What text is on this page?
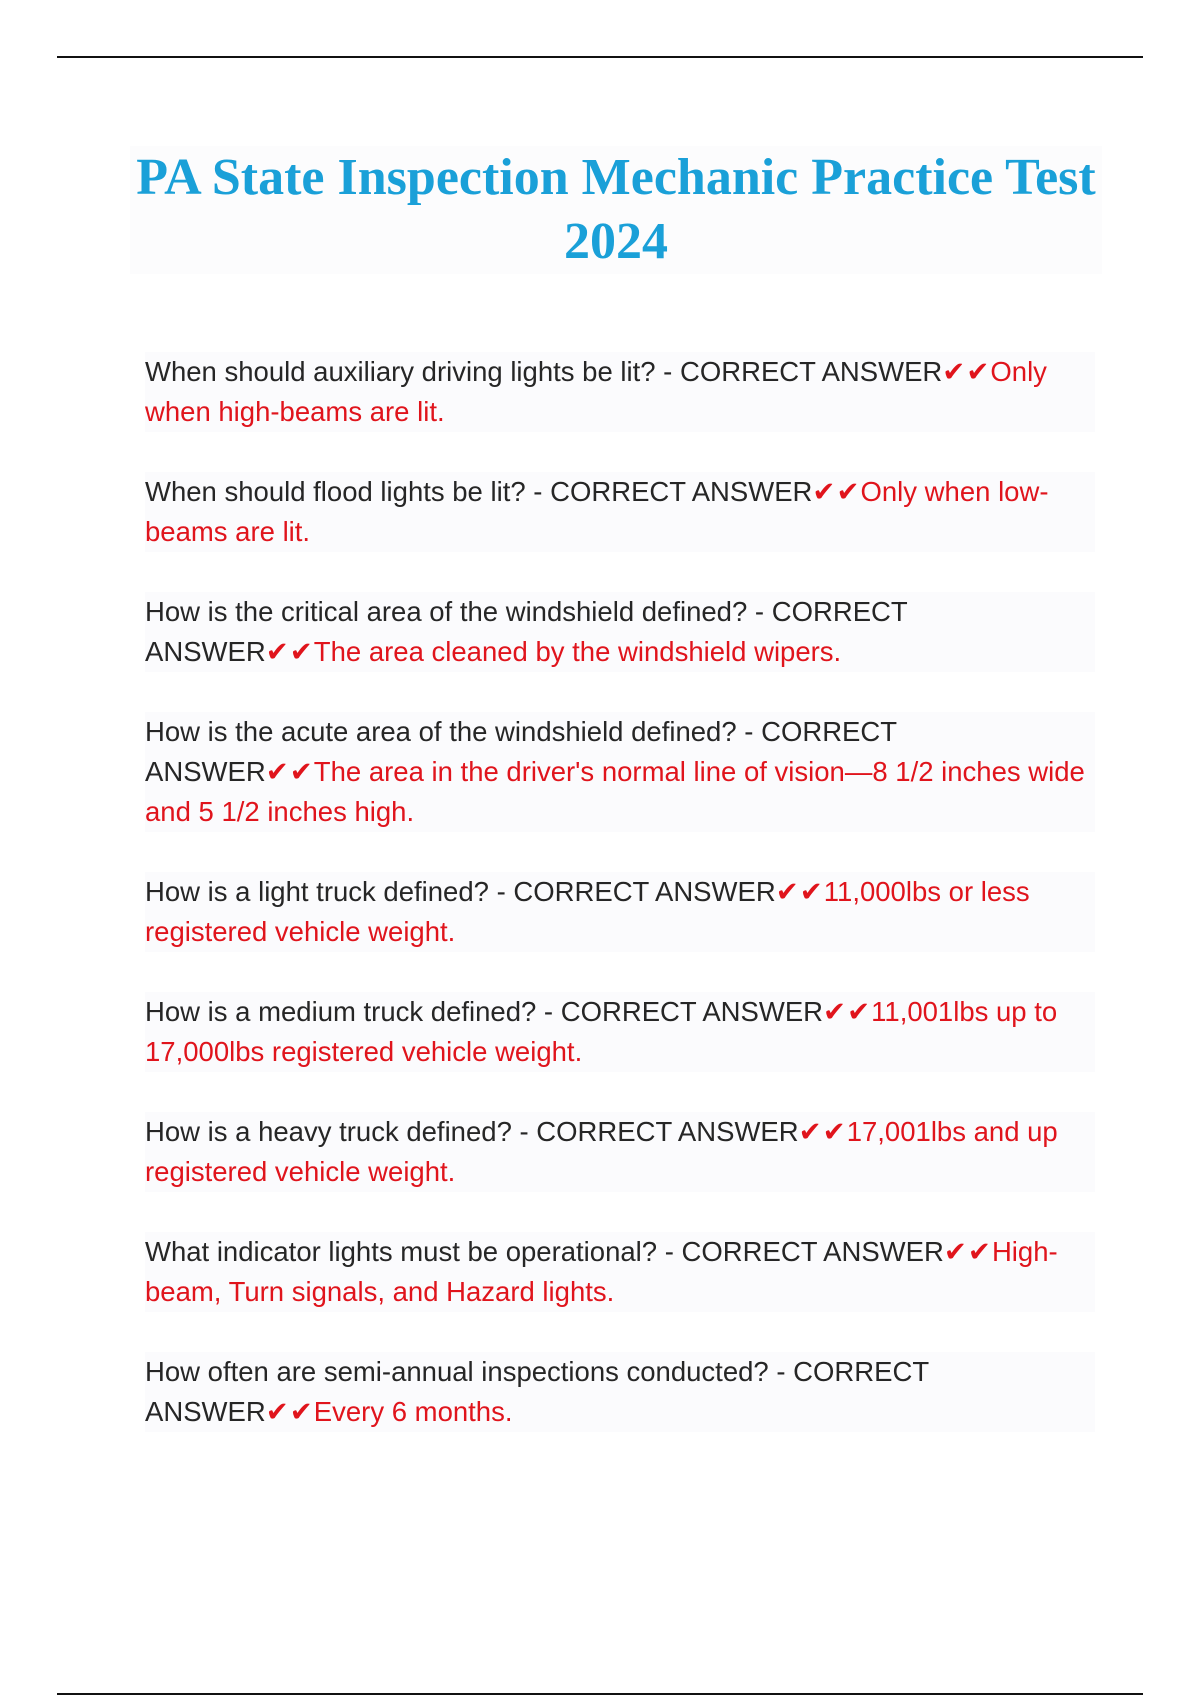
PA State Inspection Mechanic Practice Test 2024
When should auxiliary driving lights be lit? - CORRECT ANSWER✔✔Only when high-beams are lit.
When should flood lights be lit? - CORRECT ANSWER✔✔Only when low-beams are lit.
How is the critical area of the windshield defined? - CORRECT ANSWER✔✔The area cleaned by the windshield wipers.
How is the acute area of the windshield defined? - CORRECT ANSWER✔✔The area in the driver's normal line of vision—8 1/2 inches wide and 5 1/2 inches high.
How is a light truck defined? - CORRECT ANSWER✔✔11,000lbs or less registered vehicle weight.
How is a medium truck defined? - CORRECT ANSWER✔✔11,001lbs up to 17,000lbs registered vehicle weight.
How is a heavy truck defined? - CORRECT ANSWER✔✔17,001lbs and up registered vehicle weight.
What indicator lights must be operational? - CORRECT ANSWER✔✔High-beam, Turn signals, and Hazard lights.
How often are semi-annual inspections conducted? - CORRECT ANSWER✔✔Every 6 months.
